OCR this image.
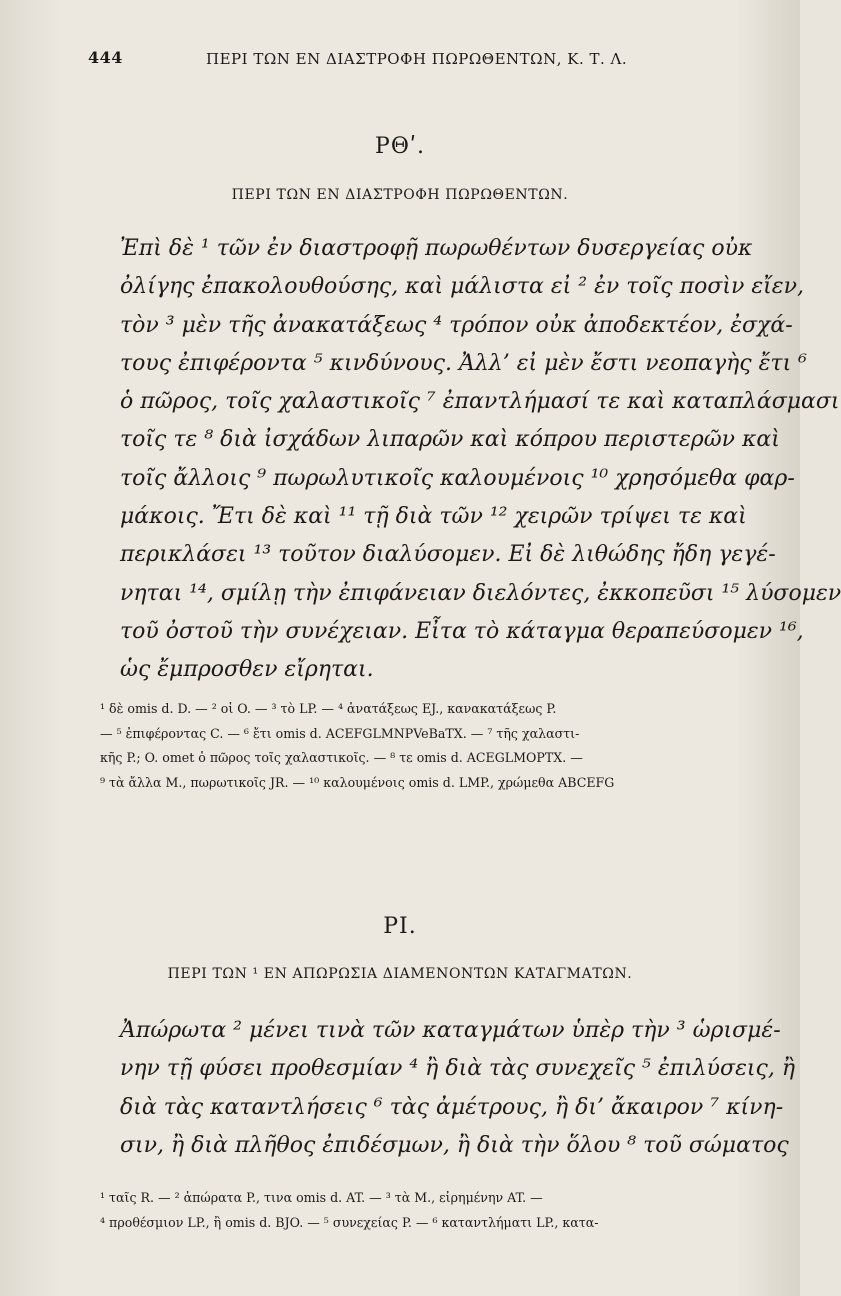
444	ΠΕΡΙ ΤΩΝ ΕΝ ΔΙΑΣΤΡΟΦΗ ΠΩΡΩΘΕΝΤΩΝ, Κ. Τ. Λ.
ΡΘʹ.
ΠΕΡΙ ΤΩΝ ΕΝ ΔΙΑΣΤΡΟΦΗ ΠΩΡΩΘΕΝΤΩΝ.
Ἐπὶ δὲ ¹ τῶν ἐν διαστροφῇ πωρωθέντων δυσεργείας οὐκ
ὀλίγης ἐπακολουθούσης, καὶ μάλιστα εἰ ² ἐν τοῖς ποσὶν εἴεν,
τὸν ³ μὲν τῆς ἀνακατάξεως ⁴ τρόπον οὐκ ἀποδεκτέον, ἐσχά-
τους ἐπιφέροντα ⁵ κινδύνους. Ἀλλ’ εἰ μὲν ἔστι νεοπαγὴς ἔτι ⁶
ὁ πῶρος, τοῖς χαλαστικοῖς ⁷ ἐπαντλήμασί τε καὶ καταπλάσμασι
τοῖς τε ⁸ διὰ ἰσχάδων λιπαρῶν καὶ κόπρου περιστερῶν καὶ
τοῖς ἄλλοις ⁹ πωρωλυτικοῖς καλουμένοις ¹⁰ χρησόμεθα φαρ-
μάκοις. Ἔτι δὲ καὶ ¹¹ τῇ διὰ τῶν ¹² χειρῶν τρίψει τε καὶ
περικλάσει ¹³ τοῦτον διαλύσομεν. Εἰ δὲ λιθώδης ἤδη γεγέ-
νηται ¹⁴, σμίλῃ τὴν ἐπιφάνειαν διελόντες, ἐκκοπεῦσι ¹⁵ λύσομεν
τοῦ ὀστοῦ τὴν συνέχειαν. Εἶτα τὸ κάταγμα θεραπεύσομεν ¹⁶,
ὡς ἔμπροσθεν εἴρηται.
¹ δὲ omis d. D. — ² οἱ O. — ³ τὸ LP. — ⁴ ἀνατάξεως EJ., κανακατάξεως P.
— ⁵ ἐπιφέροντας C. — ⁶ ἔτι omis d. ACEFGLMNPVeBaTX. — ⁷ τῆς χαλαστι-
κῆς P.; O. omet ὁ πῶρος τοῖς χαλαστικοῖς. — ⁸ τε omis d. ACEGLMOPTX. —
⁹ τὰ ἄλλα M., πωρωτικοῖς JR. — ¹⁰ καλουμένοις omis d. LMP., χρώμεθα ABCEFG
ΡΙ.
ΠΕΡΙ ΤΩΝ ¹ ΕΝ ΑΠΩΡΩΣΙΑ ΔΙΑΜΕΝΟΝΤΩΝ ΚΑΤΑΓΜΑΤΩΝ.
Ἀπώρωτα ² μένει τινὰ τῶν καταγμάτων ὑπὲρ τὴν ³ ὡρισμέ-
νην τῇ φύσει προθεσμίαν ⁴ ἢ διὰ τὰς συνεχεῖς ⁵ ἐπιλύσεις, ἢ
διὰ τὰς καταντλήσεις ⁶ τὰς ἀμέτρους, ἢ δι’ ἄκαιρον ⁷ κίνη-
σιν, ἢ διὰ πλῆθος ἐπιδέσμων, ἢ διὰ τὴν ὅλου ⁸ τοῦ σώματος
¹ ταῖς R. — ² ἀπώρατα P., τινα omis d. AT. — ³ τὰ M., εἰρημένην AT. —
⁴ προθέσμιον LP., ἢ omis d. BJO. — ⁵ συνεχείας P. — ⁶ καταντλήματι LP., κατα-
